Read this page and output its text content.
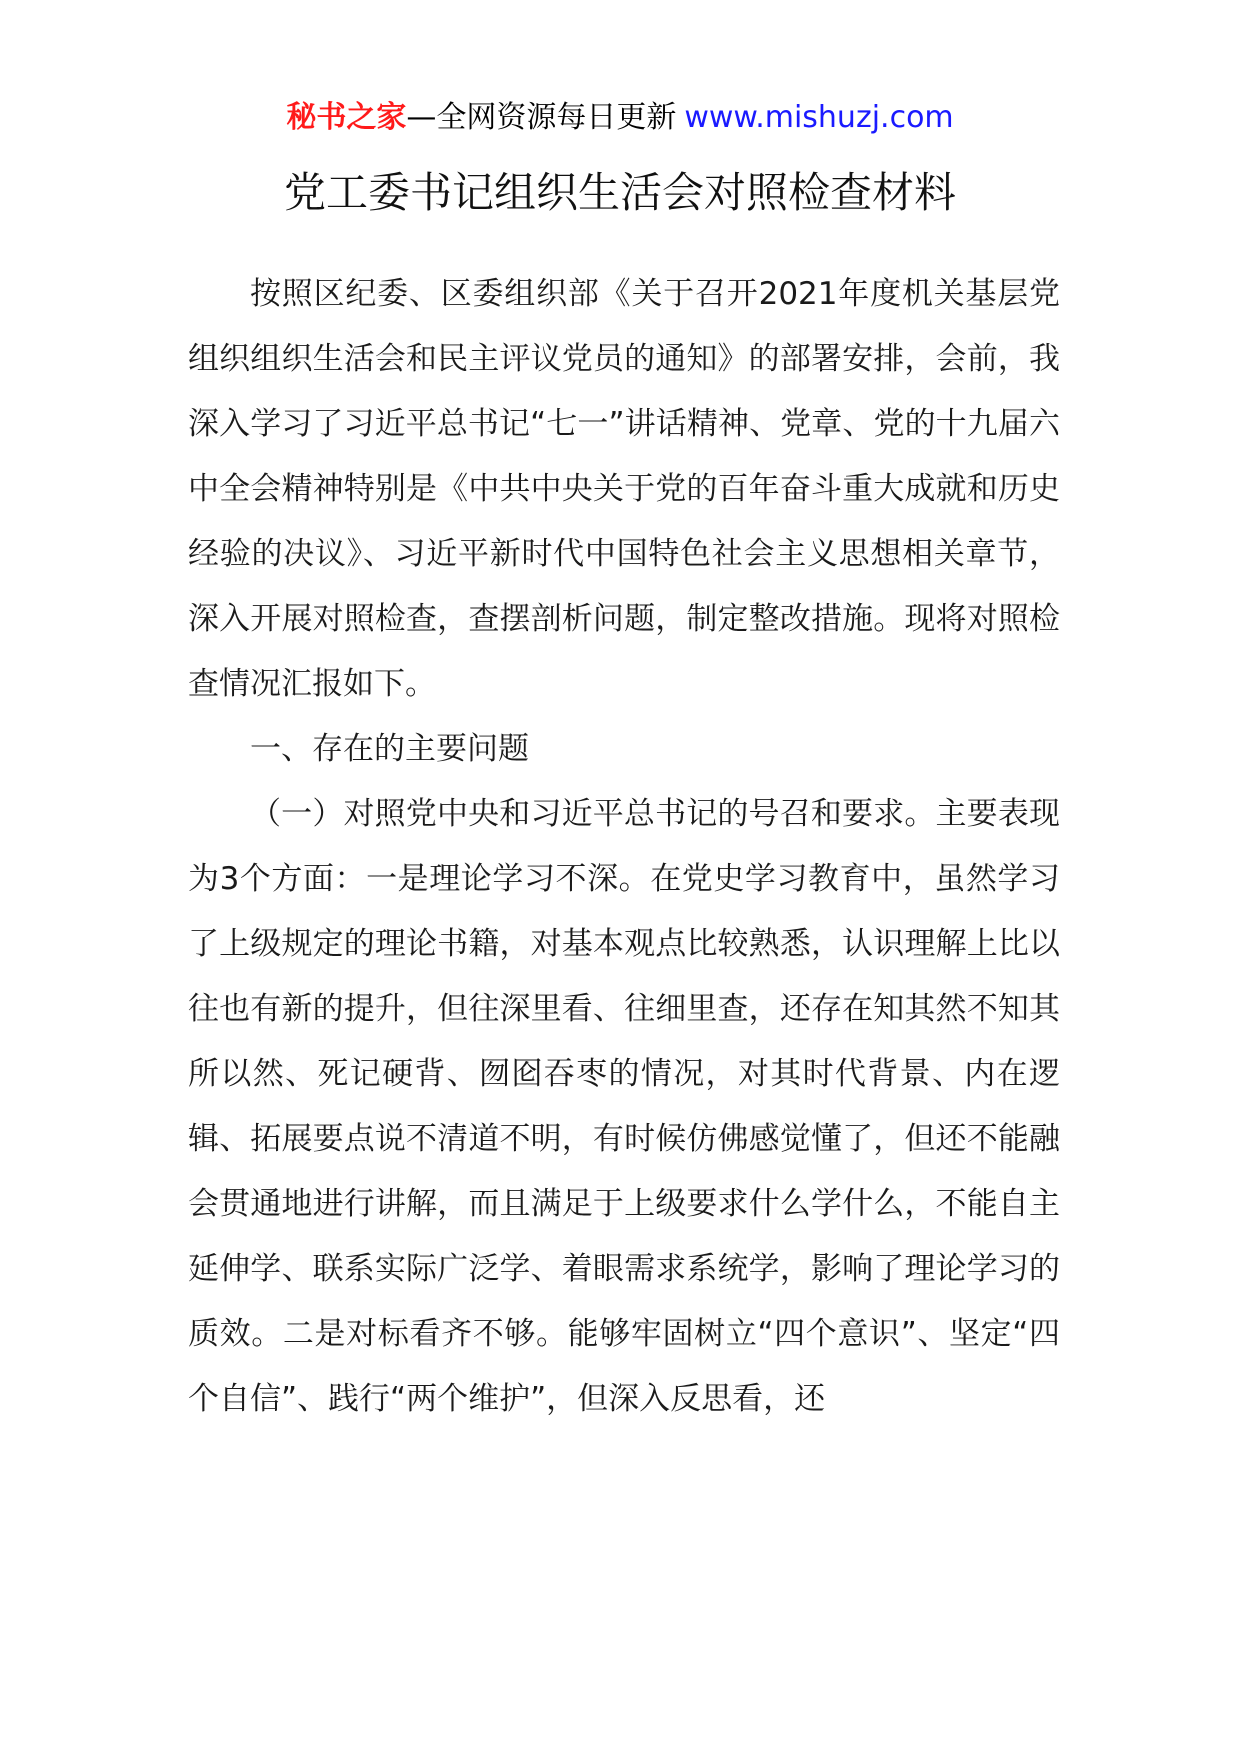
秘书之家—全网资源每日更新 www.mishuzj.com
党工委书记组织生活会对照检查材料

按照区纪委、区委组织部《关于召开2021年度机关基层党组织组织生活会和民主评议党员的通知》的部署安排，会前，我深入学习了习近平总书记“七一”讲话精神、党章、党的十九届六中全会精神特别是《中共中央关于党的百年奋斗重大成就和历史经验的决议》、习近平新时代中国特色社会主义思想相关章节，深入开展对照检查，查摆剖析问题，制定整改措施。现将对照检查情况汇报如下。

一、存在的主要问题

（一）对照党中央和习近平总书记的号召和要求。主要表现为3个方面：一是理论学习不深。在党史学习教育中，虽然学习了上级规定的理论书籍，对基本观点比较熟悉，认识理解上比以往也有新的提升，但往深里看、往细里查，还存在知其然不知其所以然、死记硬背、囫囵吞枣的情况，对其时代背景、内在逻辑、拓展要点说不清道不明，有时候仿佛感觉懂了，但还不能融会贯通地进行讲解，而且满足于上级要求什么学什么，不能自主延伸学、联系实际广泛学、着眼需求系统学，影响了理论学习的质效。二是对标看齐不够。能够牢固树立“四个意识”、坚定“四个自信”、践行“两个维护”，但深入反思看，还
